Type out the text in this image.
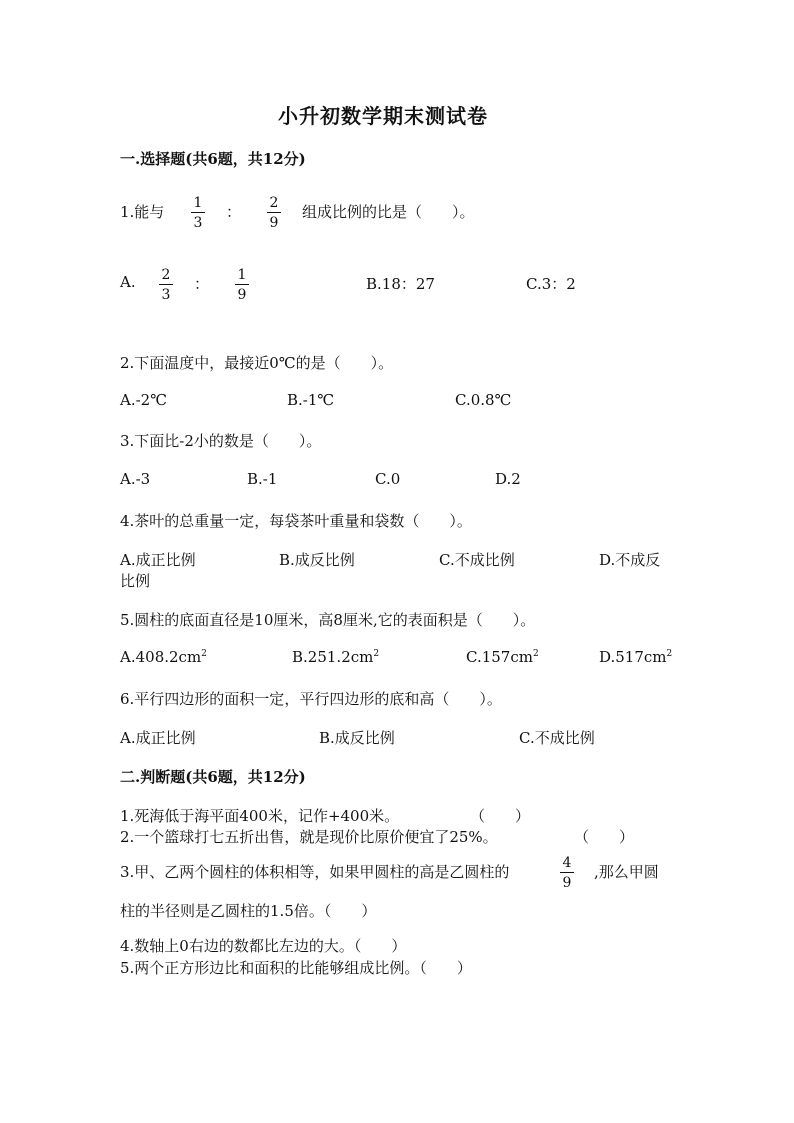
小升初数学期末测试卷
一.选择题(共6题，共12分)
1.能与 1
3
： 2
9
组成比例的比是（　　）。
A. 2
3
： 1
9
B.18：27	C.3：2
2.下面温度中，最接近0℃的是（　　）。
A.-2℃	B.-1℃	C.0.8℃
3.下面比-2小的数是（　　）。
A.-3	B.-1	C.0	D.2
4.茶叶的总重量一定，每袋茶叶重量和袋数（　　）。
A.成正比例	B.成反比例	C.不成比例	D.不成反
比例
5.圆柱的底面直径是10厘米，高8厘米,它的表面积是（　　）。
$A.408.2cm^2$	$B.251.2cm^2$	$C.157cm^2$	$D.517cm^2$
6.平行四边形的面积一定，平行四边形的底和高（　　）。
A.成正比例	B.成反比例	C.不成比例
二.判断题(共6题，共12分)
1.死海低于海平面400米，记作+400米。	（　　）
2.一个篮球打七五折出售，就是现价比原价便宜了25%。	（　　）
3.甲、乙两个圆柱的体积相等，如果甲圆柱的高是乙圆柱的	4
9
,那么甲圆
柱的半径则是乙圆柱的1.5倍。（　　）
4.数轴上0右边的数都比左边的大。（　　）
5.两个正方形边比和面积的比能够组成比例。（　　）
